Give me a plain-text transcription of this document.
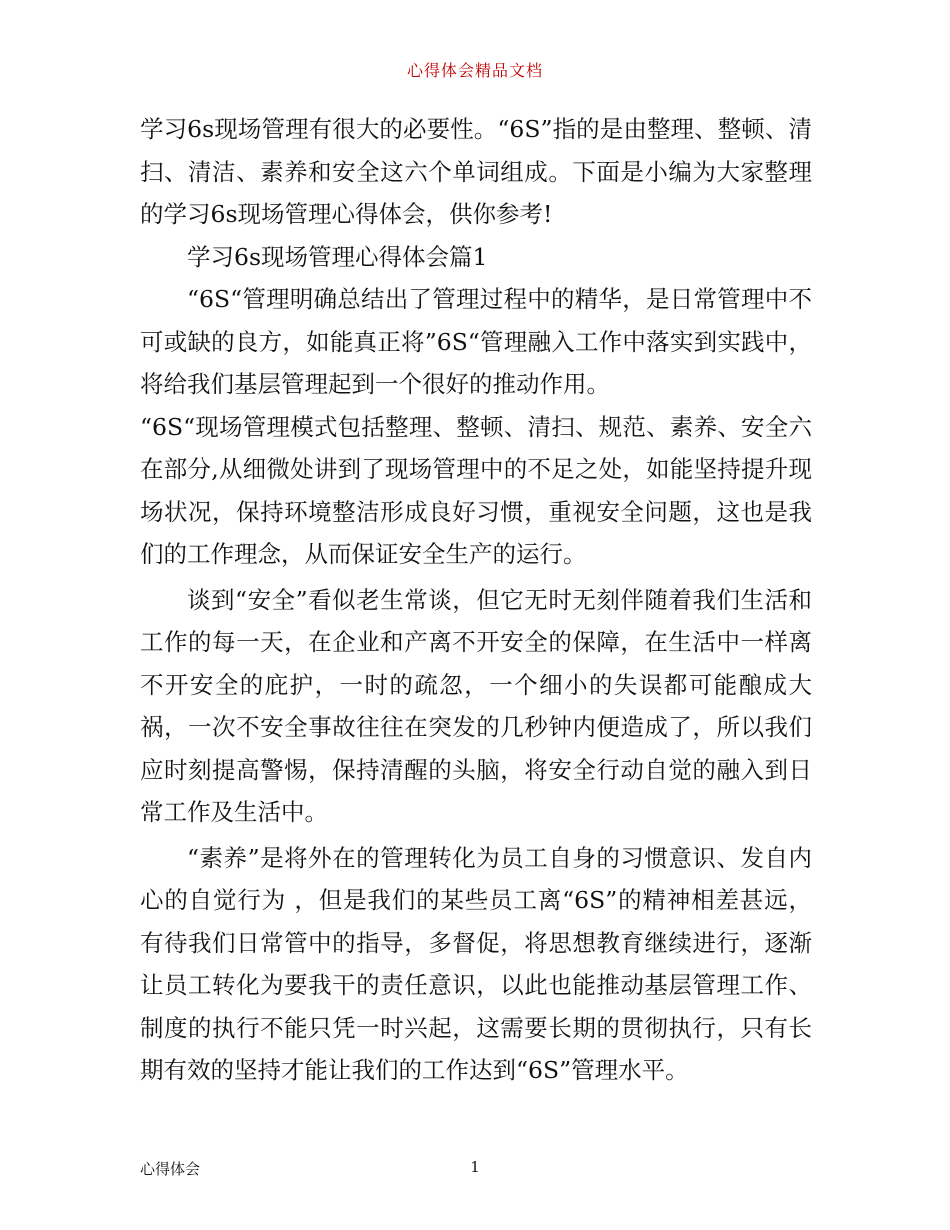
心得体会精品文档

学习6s现场管理有很大的必要性。“6S”指的是由整理、整顿、清扫、清洁、素养和安全这六个单词组成。下面是小编为大家整理的学习6s现场管理心得体会，供你参考!

学习6s现场管理心得体会篇1

“6S“管理明确总结出了管理过程中的精华，是日常管理中不可或缺的良方，如能真正将”6S“管理融入工作中落实到实践中，将给我们基层管理起到一个很好的推动作用。

“6S“现场管理模式包括整理、整顿、清扫、规范、素养、安全六在部分,从细微处讲到了现场管理中的不足之处，如能坚持提升现场状况，保持环境整洁形成良好习惯，重视安全问题，这也是我们的工作理念，从而保证安全生产的运行。

谈到“安全”看似老生常谈，但它无时无刻伴随着我们生活和工作的每一天，在企业和产离不开安全的保障，在生活中一样离不开安全的庇护，一时的疏忽，一个细小的失误都可能酿成大祸，一次不安全事故往往在突发的几秒钟内便造成了，所以我们应时刻提高警惕，保持清醒的头脑，将安全行动自觉的融入到日常工作及生活中。

“素养”是将外在的管理转化为员工自身的习惯意识、发自内心的自觉行为 ，但是我们的某些员工离“6S”的精神相差甚远，有待我们日常管中的指导，多督促，将思想教育继续进行，逐渐让员工转化为要我干的责任意识，以此也能推动基层管理工作、制度的执行不能只凭一时兴起，这需要长期的贯彻执行，只有长期有效的坚持才能让我们的工作达到“6S”管理水平。

心得体会	1
